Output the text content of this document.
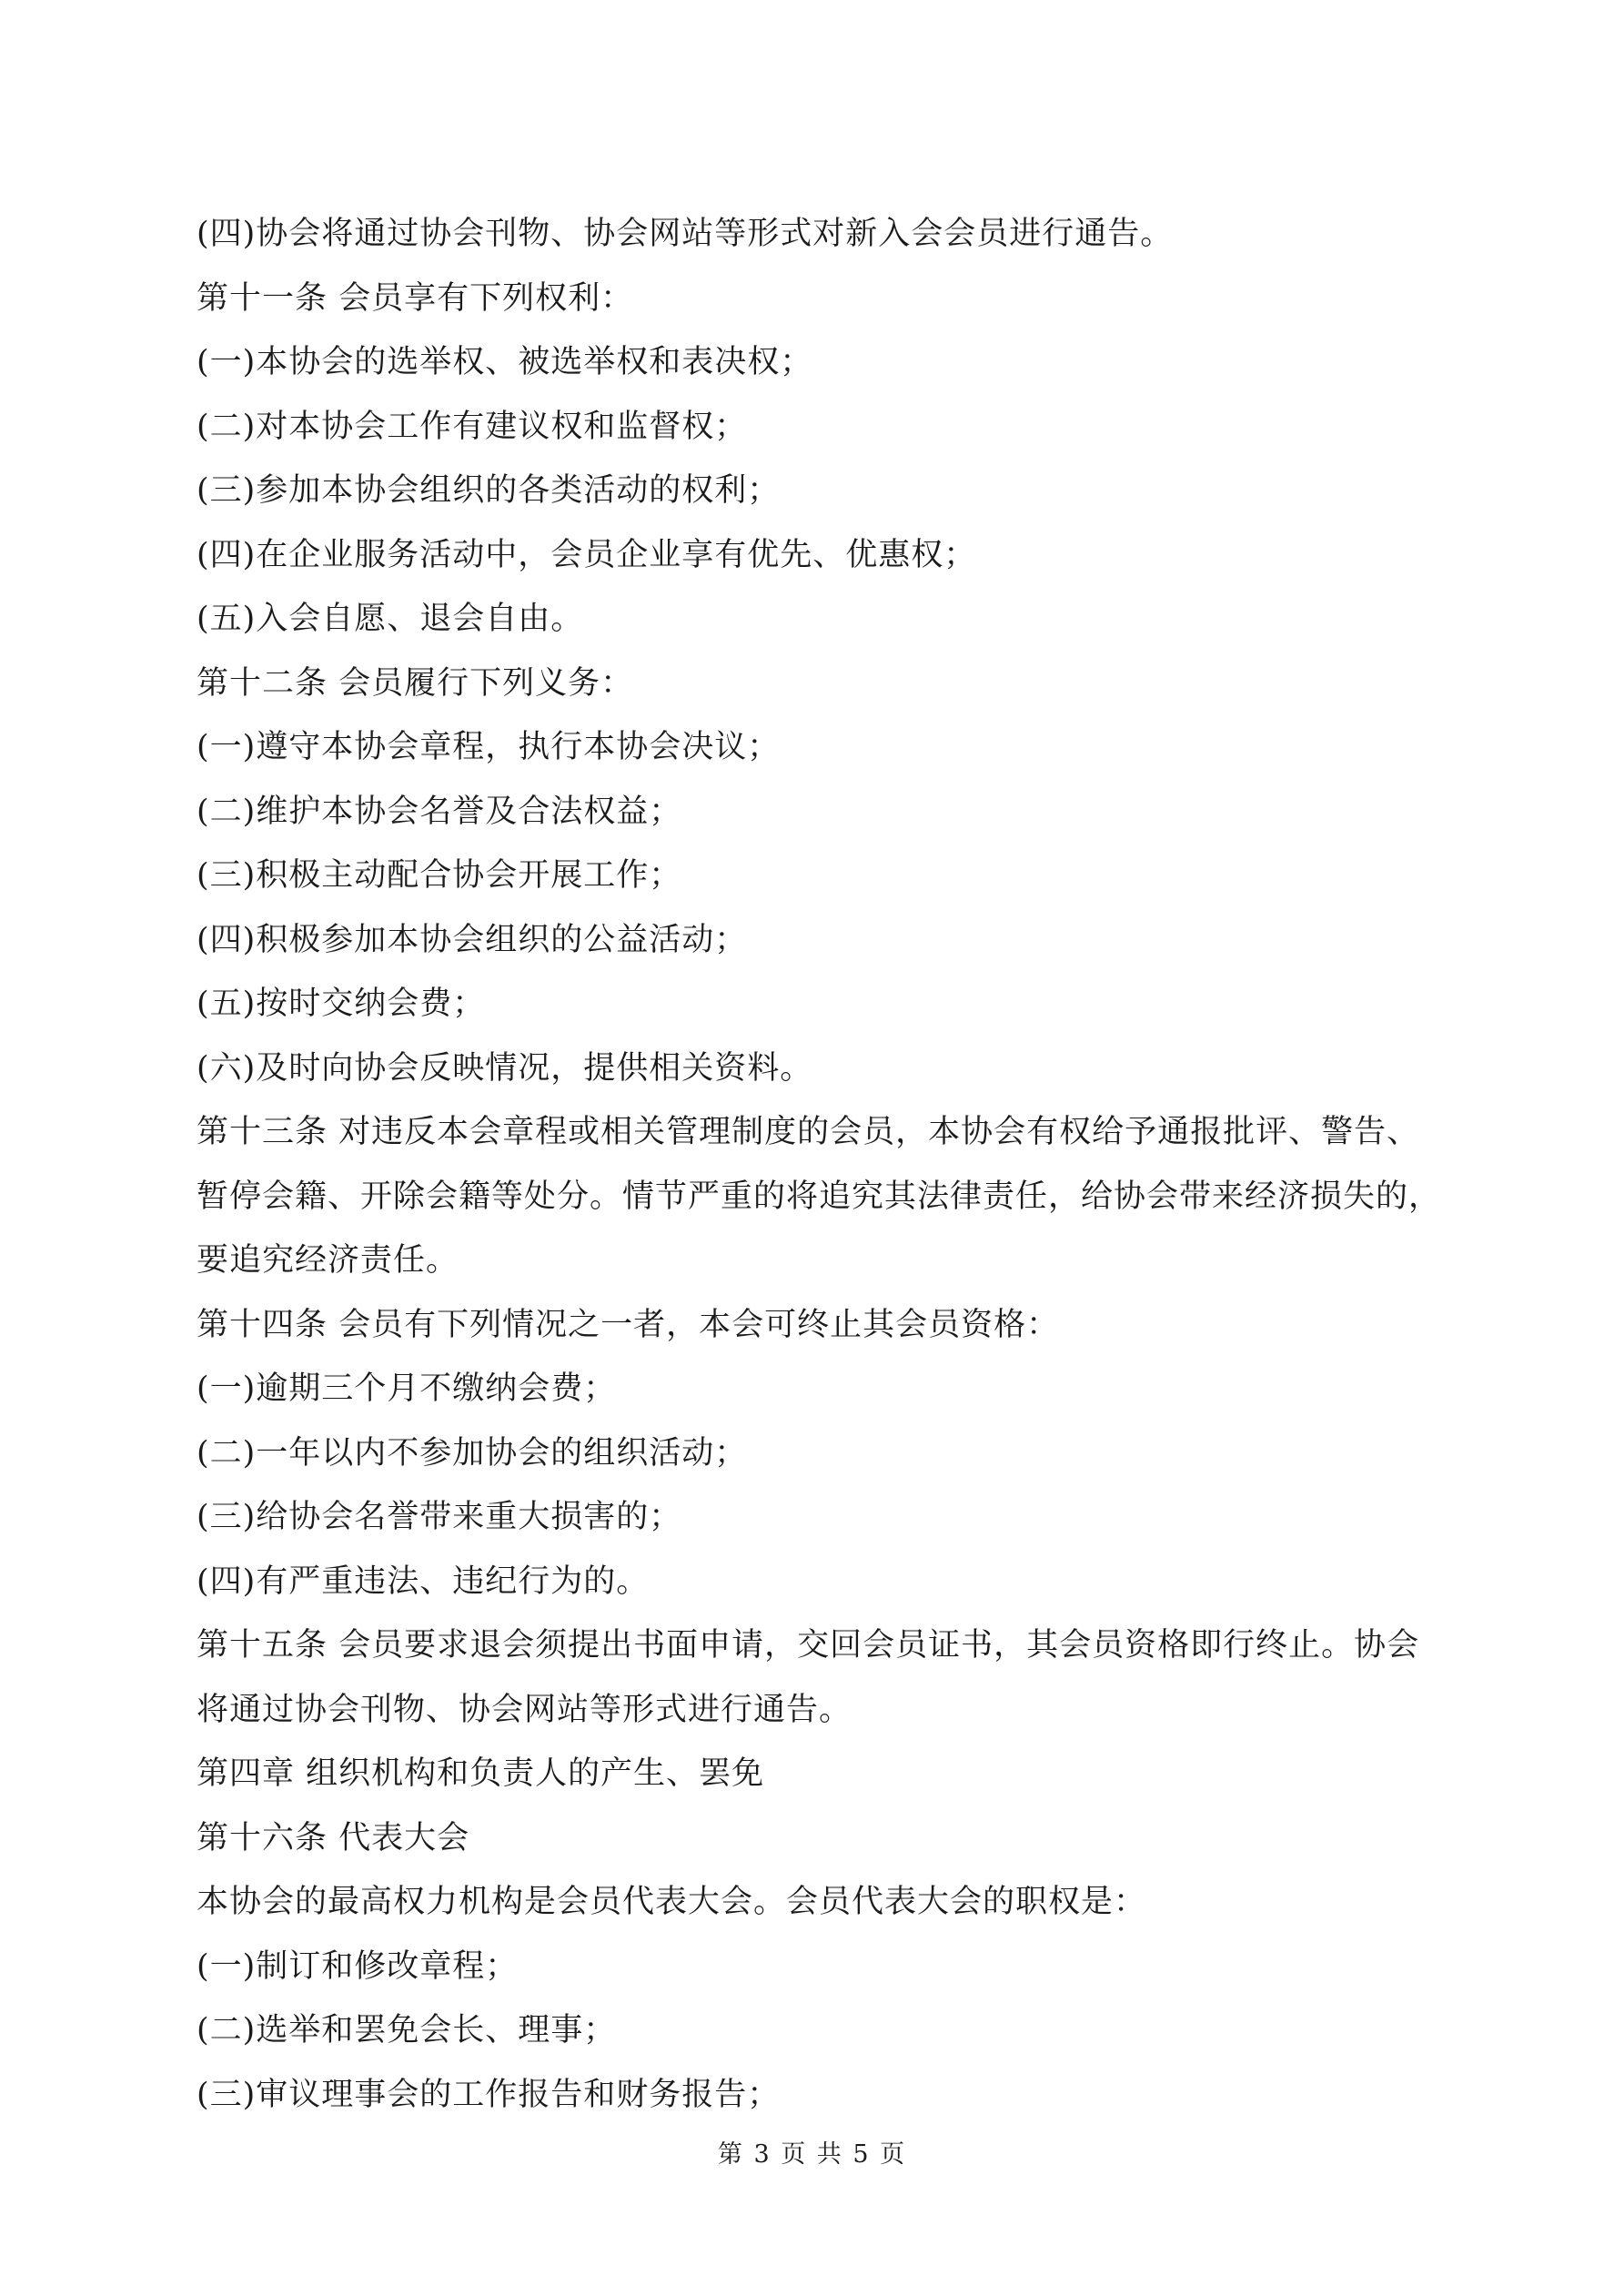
(四)协会将通过协会刊物、协会网站等形式对新入会会员进行通告。
第十一条 会员享有下列权利：
(一)本协会的选举权、被选举权和表决权；
(二)对本协会工作有建议权和监督权；
(三)参加本协会组织的各类活动的权利；
(四)在企业服务活动中，会员企业享有优先、优惠权；
(五)入会自愿、退会自由。
第十二条 会员履行下列义务：
(一)遵守本协会章程，执行本协会决议；
(二)维护本协会名誉及合法权益；
(三)积极主动配合协会开展工作；
(四)积极参加本协会组织的公益活动；
(五)按时交纳会费；
(六)及时向协会反映情况，提供相关资料。
第十三条 对违反本会章程或相关管理制度的会员，本协会有权给予通报批评、警告、
暂停会籍、开除会籍等处分。情节严重的将追究其法律责任，给协会带来经济损失的，
要追究经济责任。
第十四条 会员有下列情况之一者，本会可终止其会员资格：
(一)逾期三个月不缴纳会费；
(二)一年以内不参加协会的组织活动；
(三)给协会名誉带来重大损害的；
(四)有严重违法、违纪行为的。
第十五条 会员要求退会须提出书面申请，交回会员证书，其会员资格即行终止。协会
将通过协会刊物、协会网站等形式进行通告。
第四章 组织机构和负责人的产生、罢免
第十六条 代表大会
本协会的最高权力机构是会员代表大会。会员代表大会的职权是：
(一)制订和修改章程；
(二)选举和罢免会长、理事；
(三)审议理事会的工作报告和财务报告；
第 3 页 共 5 页
